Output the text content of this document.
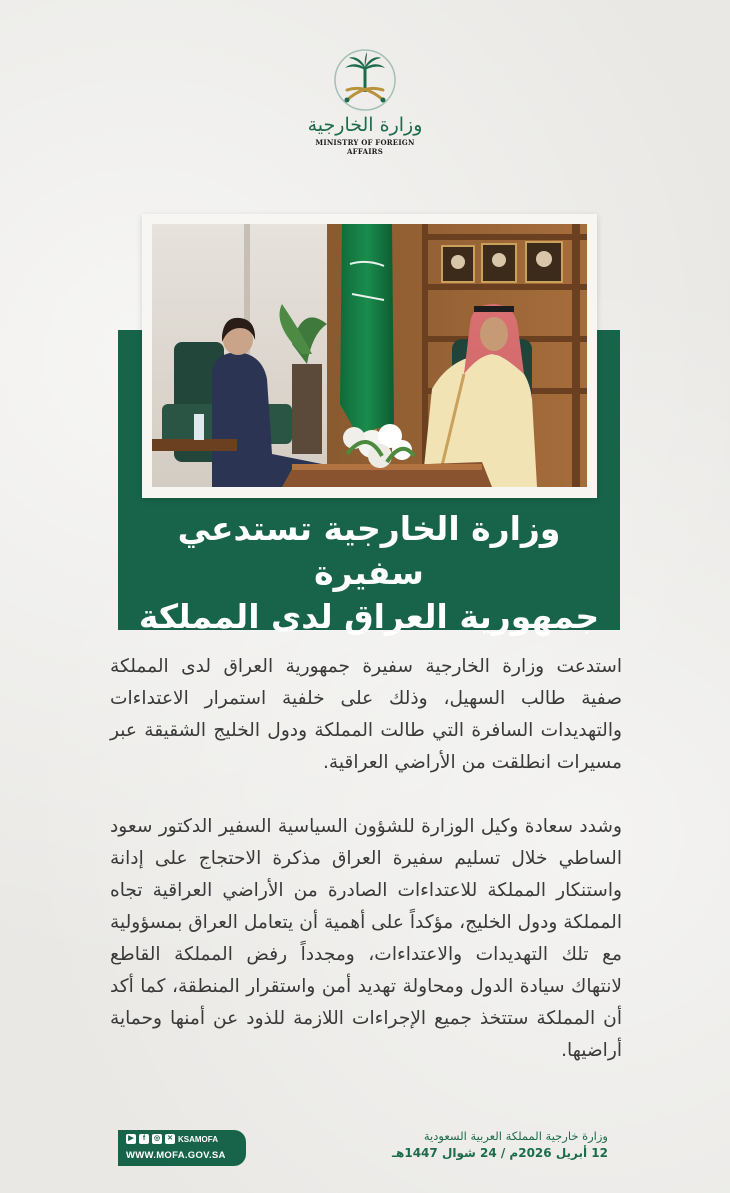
وزارة الخارجية
MINISTRY OF FOREIGN AFFAIRS
وزارة الخارجية تستدعي سفيرة
جمهورية العراق لدى المملكة

استدعت وزارة الخارجية سفيرة جمهورية العراق لدى المملكة صفية طالب السهيل، وذلك على خلفية استمرار الاعتداءات والتهديدات السافرة التي طالت المملكة ودول الخليج الشقيقة عبر مسيرات انطلقت من الأراضي العراقية.

وشدد سعادة وكيل الوزارة للشؤون السياسية السفير الدكتور سعود الساطي خلال تسليم سفيرة العراق مذكرة الاحتجاج على إدانة واستنكار المملكة للاعتداءات الصادرة من الأراضي العراقية تجاه المملكة ودول الخليج، مؤكداً على أهمية أن يتعامل العراق بمسؤولية مع تلك التهديدات والاعتداءات، ومجدداً رفض المملكة القاطع لانتهاك سيادة الدول ومحاولة تهديد أمن واستقرار المنطقة، كما أكد أن المملكة ستتخذ جميع الإجراءات اللازمة للذود عن أمنها وحماية أراضيها.

▶	f	◎ ✕ KSAMOFA
WWW.MOFA.GOV.SA
وزارة خارجية المملكة العربية السعودية
12 أبريل 2026م / 24 شوال 1447هـ
